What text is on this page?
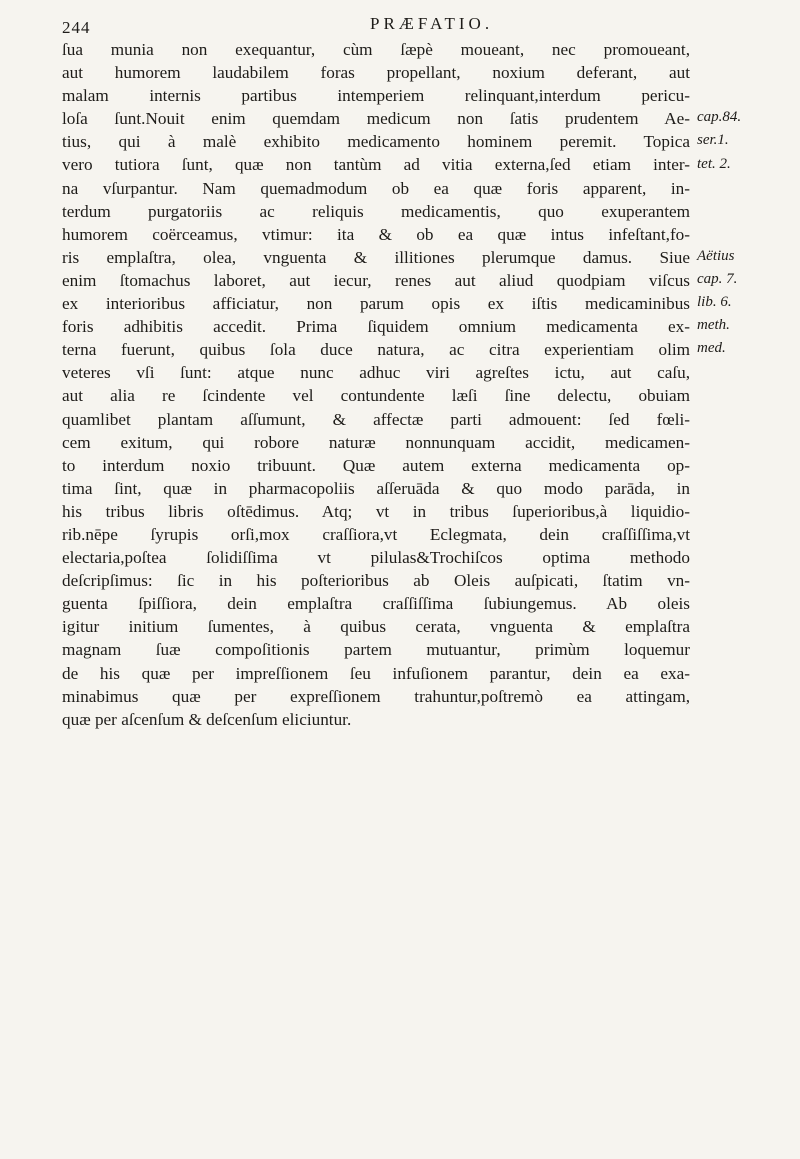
244	PRÆFATIO.
ſua munia non exequantur, cùm ſæpè moueant, nec promoueant,
aut humorem laudabilem foras propellant, noxium deferant, aut
malam internis partibus intemperiem relinquant,interdum pericu-
loſa ſunt.Nouit enim quemdam medicum non ſatis prudentem Ae-
tius, qui à malè exhibito medicamento hominem peremit. Topica
vero tutiora ſunt, quæ non tantùm ad vitia externa,ſed etiam inter-
na vſurpantur. Nam quemadmodum ob ea quæ foris apparent, in-
terdum purgatoriis ac reliquis medicamentis, quo exuperantem
humorem coërceamus, vtimur: ita & ob ea quæ intus infeſtant,fo-
ris emplaſtra, olea, vnguenta & illitiones plerumque damus. Siue
enim ſtomachus laboret, aut iecur, renes aut aliud quodpiam viſcus
ex interioribus afficiatur, non parum opis ex iſtis medicaminibus
foris adhibitis accedit. Prima ſiquidem omnium medicamenta ex-
terna fuerunt, quibus ſola duce natura, ac citra experientiam olim
veteres vſi ſunt: atque nunc adhuc viri agreſtes ictu, aut caſu,
aut alia re ſcindente vel contundente læſi ſine delectu, obuiam
quamlibet plantam aſſumunt, & affectæ parti admouent: ſed fœli-
cem exitum, qui robore naturæ nonnunquam accidit, medicamen-
to interdum noxio tribuunt. Quæ autem externa medicamenta op-
tima ſint, quæ in pharmacopoliis aſſeruāda & quo modo parāda, in
his tribus libris oſtēdimus. Atq; vt in tribus ſuperioribus,à liquidio-
rib.nēpe ſyrupis orſi,mox craſſiora,vt Eclegmata, dein craſſiſſima,vt
electaria,poſtea ſolidiſſima vt pilulas&Trochiſcos optima methodo
deſcripſimus: ſic in his poſterioribus ab Oleis auſpicati, ſtatim vn-
guenta ſpiſſiora, dein emplaſtra craſſiſſima ſubiungemus. Ab oleis
igitur initium ſumentes, à quibus cerata, vnguenta & emplaſtra
magnam ſuæ compoſitionis partem mutuantur, primùm loquemur
de his quæ per impreſſionem ſeu infuſionem parantur, dein ea exa-
minabimus quæ per expreſſionem trahuntur,poſtremò ea attingam,
quæ per aſcenſum & deſcenſum eliciuntur.
cap.84.
ser.1.
tet. 2.
Aëtius
cap. 7.
lib. 6.
meth.
med.
